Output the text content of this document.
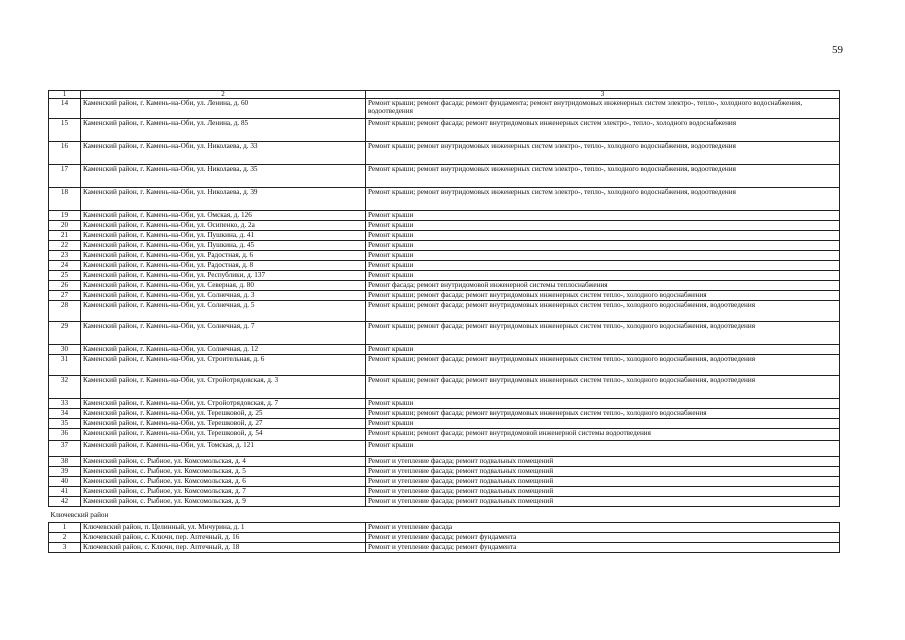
59
1	2	3
14	Каменский район, г. Камень-на-Оби, ул. Ленина, д. 60	Ремонт крыши; ремонт фасада; ремонт фундамента; ремонт внутридомовых инженерных систем электро-, тепло-, холодного водоснабжения, водоотведения
15	Каменский район, г. Камень-на-Оби, ул. Ленина, д. 85	Ремонт крыши; ремонт фасада; ремонт внутридомовых инженерных систем электро-, тепло-, холодного водоснабжения
16	Каменский район, г. Камень-на-Оби, ул. Николаева, д. 33	Ремонт крыши; ремонт внутридомовых инженерных систем электро-, тепло-, холодного водоснабжения, водоотведения
17	Каменский район, г. Камень-на-Оби, ул. Николаева, д. 35	Ремонт крыши; ремонт внутридомовых инженерных систем электро-, тепло-, холодного водоснабжения, водоотведения
18	Каменский район, г. Камень-на-Оби, ул. Николаева, д. 39	Ремонт крыши; ремонт внутридомовых инженерных систем электро-, тепло-, холодного водоснабжения, водоотведения
19	Каменский район, г. Камень-на-Оби, ул. Омская, д. 126	Ремонт крыши
20	Каменский район, г. Камень-на-Оби, ул. Осипенко, д. 2а	Ремонт крыши
21	Каменский район, г. Камень-на-Оби, ул. Пушкина, д. 41	Ремонт крыши
22	Каменский район, г. Камень-на-Оби, ул. Пушкина, д. 45	Ремонт крыши
23	Каменский район, г. Камень-на-Оби, ул. Радостная, д. 6	Ремонт крыши
24	Каменский район, г. Камень-на-Оби, ул. Радостная, д. 8	Ремонт крыши
25	Каменский район, г. Камень-на-Оби, ул. Республики, д. 137	Ремонт крыши
26	Каменский район, г. Камень-на-Оби, ул. Северная, д. 80	Ремонт фасада; ремонт внутридомовой инженерной системы теплоснабжения
27	Каменский район, г. Камень-на-Оби, ул. Солнечная, д. 3	Ремонт крыши; ремонт фасада; ремонт внутридомовых инженерных систем тепло-, холодного водоснабжения
28	Каменский район, г. Камень-на-Оби, ул. Солнечная, д. 5	Ремонт крыши; ремонт фасада; ремонт внутридомовых инженерных систем тепло-, холодного водоснабжения, водоотведения
29	Каменский район, г. Камень-на-Оби, ул. Солнечная, д. 7	Ремонт крыши; ремонт фасада; ремонт внутридомовых инженерных систем тепло-, холодного водоснабжения, водоотведения
30	Каменский район, г. Камень-на-Оби, ул. Солнечная, д. 12	Ремонт крыши
31	Каменский район, г. Камень-на-Оби, ул. Строительная, д. 6	Ремонт крыши; ремонт фасада; ремонт внутридомовых инженерных систем тепло-, холодного водоснабжения, водоотведения
32	Каменский район, г. Камень-на-Оби, ул. Стройотрядовская, д. 3	Ремонт крыши; ремонт фасада; ремонт внутридомовых инженерных систем тепло-, холодного водоснабжения, водоотведения
33	Каменский район, г. Камень-на-Оби, ул. Стройотрядовская, д. 7	Ремонт крыши
34	Каменский район, г. Камень-на-Оби, ул. Терешковой, д. 25	Ремонт крыши; ремонт фасада; ремонт внутридомовых инженерных систем тепло-, холодного водоснабжения
35	Каменский район, г. Камень-на-Оби, ул. Терешковой, д. 27	Ремонт крыши
36	Каменский район, г. Камень-на-Оби, ул. Терешковой, д. 54	Ремонт крыши; ремонт фасада; ремонт внутридомовой инженерной системы водоотведения
37	Каменский район, г. Камень-на-Оби, ул. Томская, д. 121	Ремонт крыши
38	Каменский район, с. Рыбное, ул. Комсомольская, д. 4	Ремонт и утепление фасада; ремонт подвальных помещений
39	Каменский район, с. Рыбное, ул. Комсомольская, д. 5	Ремонт и утепление фасада; ремонт подвальных помещений
40	Каменский район, с. Рыбное, ул. Комсомольская, д. 6	Ремонт и утепление фасада; ремонт подвальных помещений
41	Каменский район, с. Рыбное, ул. Комсомольская, д. 7	Ремонт и утепление фасада; ремонт подвальных помещений
42	Каменский район, с. Рыбное, ул. Комсомольская, д. 9	Ремонт и утепление фасада; ремонт подвальных помещений
Ключевский район		
1	Ключевский район, п. Целинный, ул. Мичурина, д. 1	Ремонт и утепление фасада
2	Ключевский район, с. Ключи, пер. Аптечный, д. 16	Ремонт и утепление фасада; ремонт фундамента
3	Ключевский район, с. Ключи, пер. Аптечный, д. 18	Ремонт и утепление фасада; ремонт фундамента
